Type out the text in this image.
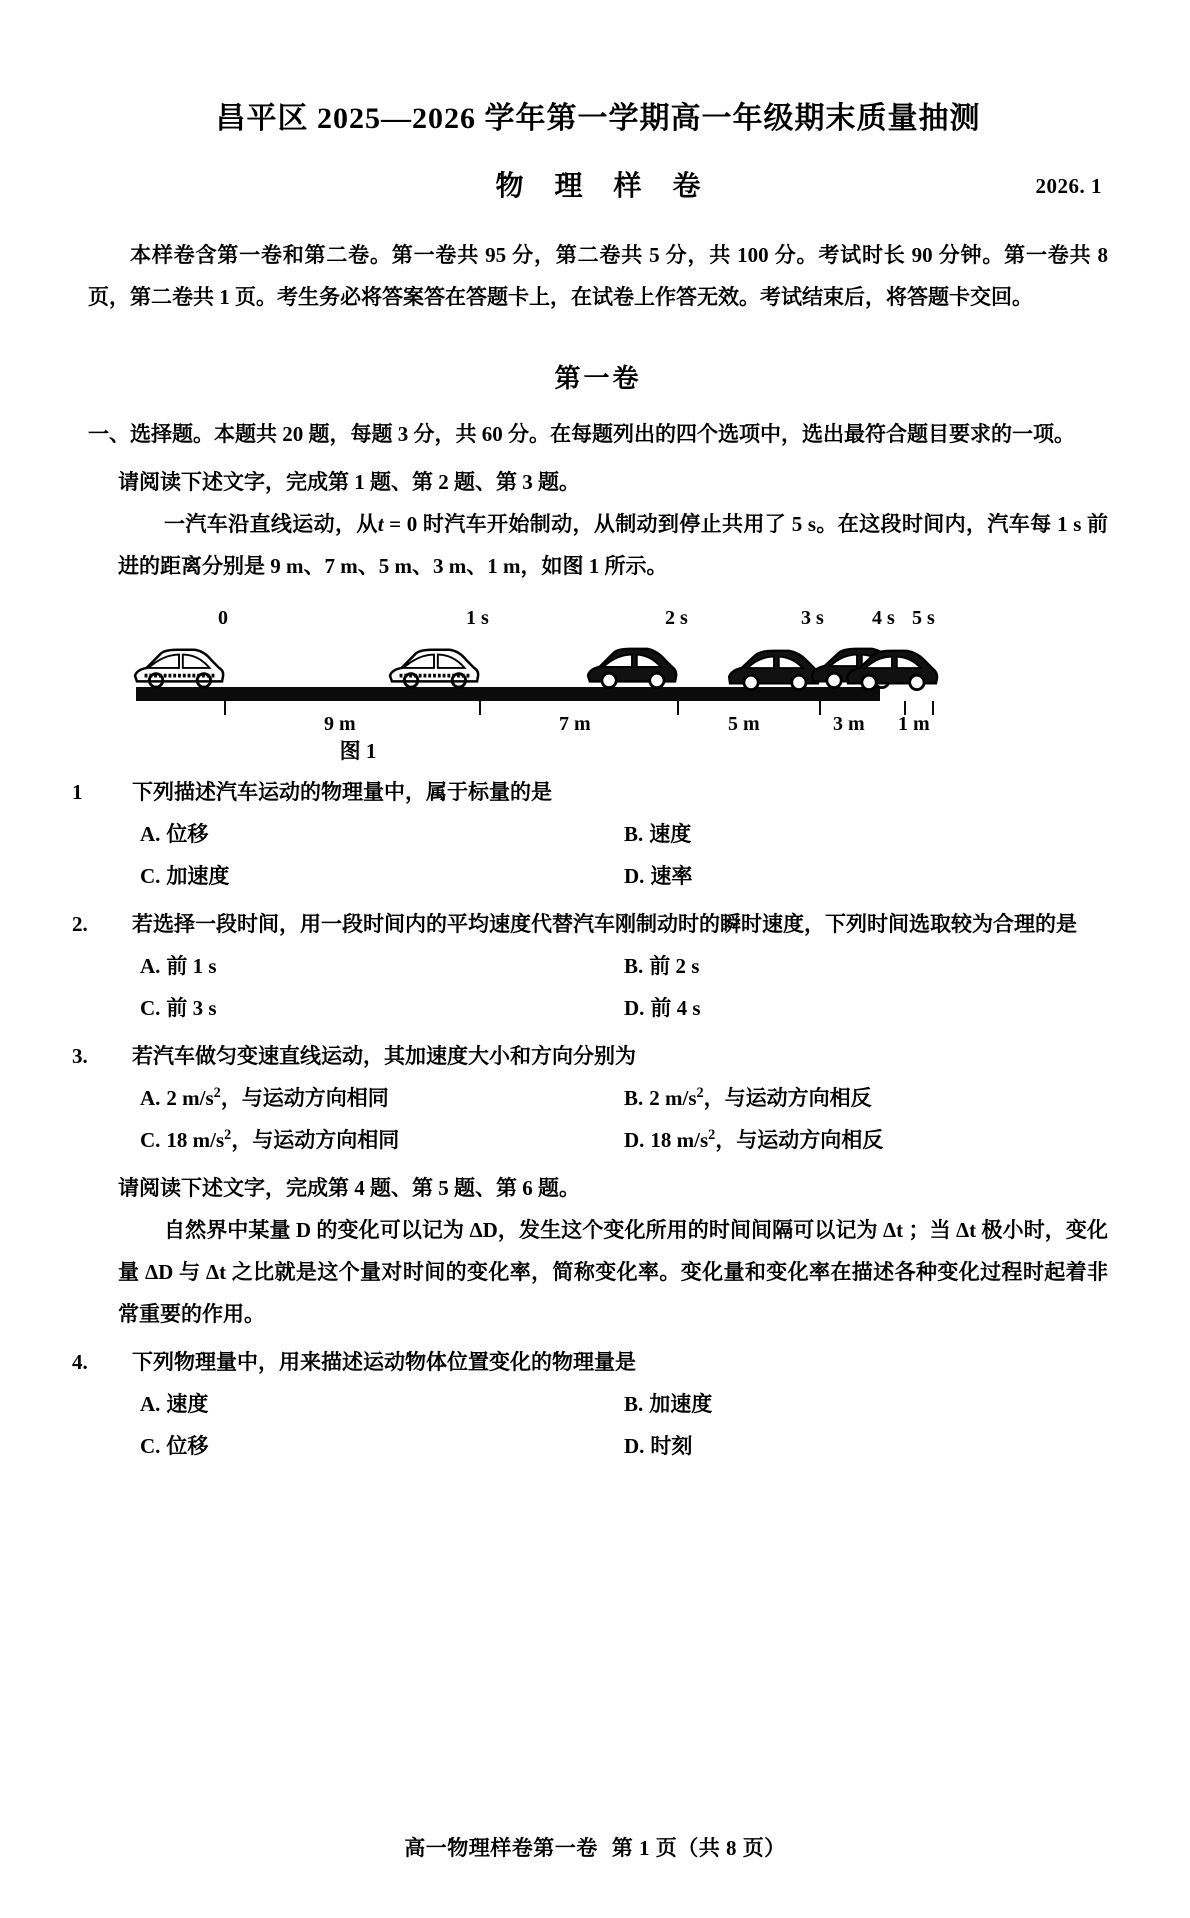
昌平区 2025—2026 学年第一学期高一年级期末质量抽测
物 理 样 卷	2026. 1
本样卷含第一卷和第二卷。第一卷共 95 分，第二卷共 5 分，共 100 分。考试时长 90 分钟。第一卷共 8 页，第二卷共 1 页。考生务必将答案答在答题卡上，在试卷上作答无效。考试结束后，将答题卡交回。
第一卷
一、选择题。本题共 20 题，每题 3 分，共 60 分。在每题列出的四个选项中，选出最符合题目要求的一项。
请阅读下述文字，完成第 1 题、第 2 题、第 3 题。
一汽车沿直线运动，从t = 0 时汽车开始制动，从制动到停止共用了 5 s。在这段时间内，汽车每 1 s 前进的距离分别是 9 m、7 m、5 m、3 m、1 m，如图 1 所示。
0	1 s	2 s	3 s 4 s 5 s
9 m	7 m	5 m	3 m 1 m
图 1
1 下列描述汽车运动的物理量中，属于标量的是
A. 位移	B. 速度
C. 加速度	D. 速率
2. 若选择一段时间，用一段时间内的平均速度代替汽车刚制动时的瞬时速度，下列时间选取较为合理的是
A. 前 1 s	B. 前 2 s
C. 前 3 s	D. 前 4 s
3. 若汽车做匀变速直线运动，其加速度大小和方向分别为
A. 2 $m/s^2$，与运动方向相同	B. 2 $m/s^2$，与运动方向相反
C. 18 $m/s^2$，与运动方向相同	D. 18 $m/s^2$，与运动方向相反
请阅读下述文字，完成第 4 题、第 5 题、第 6 题。
自然界中某量 D 的变化可以记为 ΔD，发生这个变化所用的时间间隔可以记为 Δt ；当 Δt 极小时，变化量 ΔD 与 Δt 之比就是这个量对时间的变化率，简称变化率。变化量和变化率在描述各种变化过程时起着非常重要的作用。
4. 下列物理量中，用来描述运动物体位置变化的物理量是
A. 速度	B. 加速度
C. 位移	D. 时刻
高一物理样卷第一卷 第 1 页（共 8 页）
